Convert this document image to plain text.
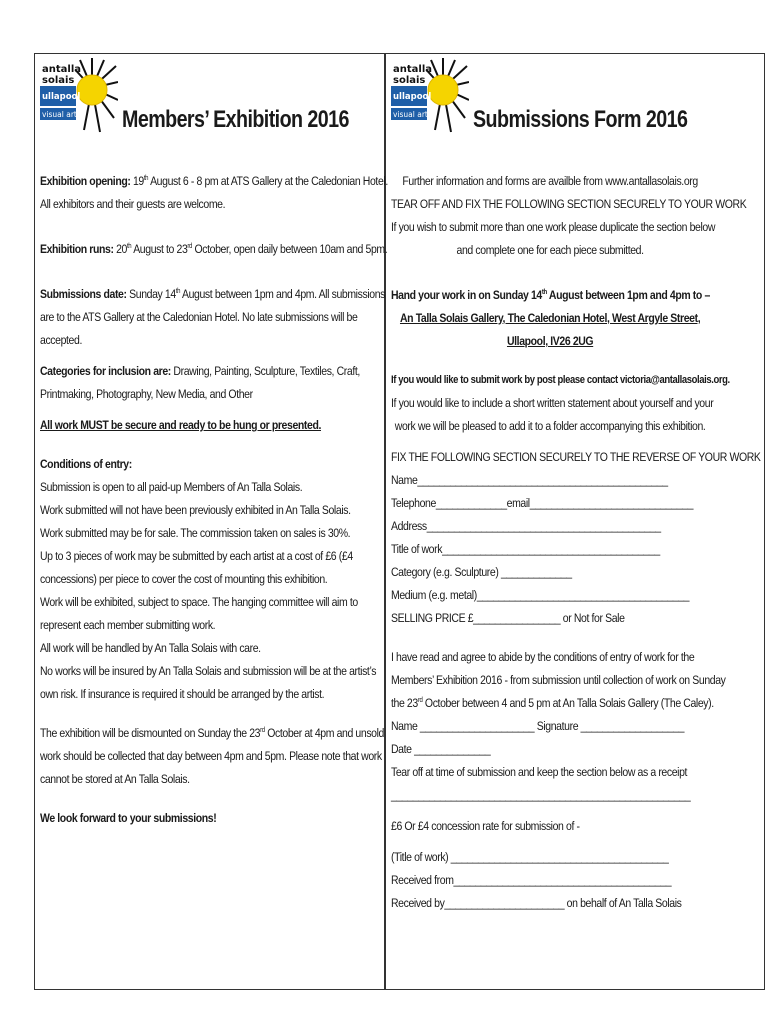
antalla
solais
ullapool
visual arts Members’ Exhibition 2016
Exhibition opening: 19th August 6 - 8 pm at ATS Gallery at the Caledonian Hotel.
All exhibitors and their guests are welcome.
Exhibition runs: 20th August to 23rd October, open daily between 10am and 5pm.
Submissions date: Sunday 14th August between 1pm and 4pm. All submissions
are to the ATS Gallery at the Caledonian Hotel. No late submissions will be
accepted.
Categories for inclusion are: Drawing, Painting, Sculpture, Textiles, Craft,
Printmaking, Photography, New Media, and Other
All work MUST be secure and ready to be hung or presented.
Conditions of entry:
Submission is open to all paid-up Members of An Talla Solais.
Work submitted will not have been previously exhibited in An Talla Solais.
Work submitted may be for sale. The commission taken on sales is 30%.
Up to 3 pieces of work may be submitted by each artist at a cost of £6 (£4
concessions) per piece to cover the cost of mounting this exhibition.
Work will be exhibited, subject to space. The hanging committee will aim to
represent each member submitting work.
All work will be handled by An Talla Solais with care.
No works will be insured by An Talla Solais and submission will be at the artist’s
own risk. If insurance is required it should be arranged by the artist.
The exhibition will be dismounted on Sunday the 23rd October at 4pm and unsold
work should be collected that day between 4pm and 5pm. Please note that work
cannot be stored at An Talla Solais.
We look forward to your submissions!
antalla
solais
ullapool
visual arts Submissions Form 2016
Further information and forms are availble from www.antallasolais.org
TEAR OFF AND FIX THE FOLLOWING SECTION SECURELY TO YOUR WORK
If you wish to submit more than one work please duplicate the section below
and complete one for each piece submitted.
Hand your work in on Sunday 14th August between 1pm and 4pm to –
An Talla Solais Gallery, The Caledonian Hotel, West Argyle Street,
Ullapool, IV26 2UG
If you would like to submit work by post please contact victoria@antallasolais.org.
If you would like to include a short written statement about yourself and your
work we will be pleased to add it to a folder accompanying this exhibition.
FIX THE FOLLOWING SECTION SECURELY TO THE REVERSE OF YOUR WORK
Name______________________________________________
Telephone_____________email______________________________
Address___________________________________________
Title of work________________________________________
Category (e.g. Sculpture) _____________
Medium (e.g. metal)_______________________________________
SELLING PRICE £________________ or Not for Sale
I have read and agree to abide by the conditions of entry of work for the
Members’ Exhibition 2016 - from submission until collection of work on Sunday
the 23rd October between 4 and 5 pm at An Talla Solais Gallery (The Caley).
Name _____________________ Signature ___________________
Date ______________
Tear off at time of submission and keep the section below as a receipt
_______________________________________________________
£6 Or £4 concession rate for submission of -
(Title of work) ________________________________________
Received from________________________________________
Received by______________________ on behalf of An Talla Solais
